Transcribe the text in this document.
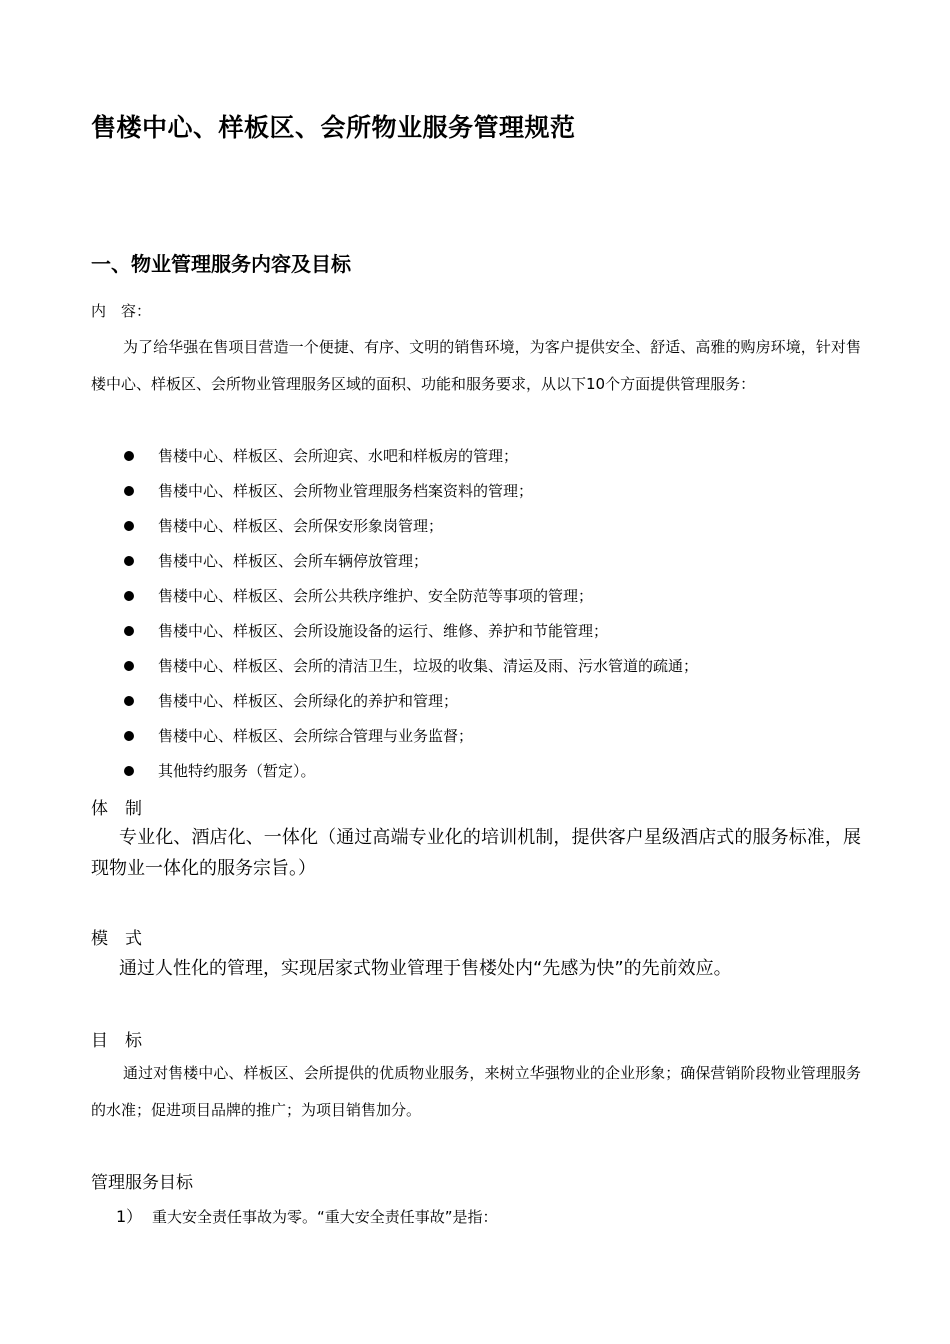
售楼中心、样板区、会所物业服务管理规范
一、物业管理服务内容及目标
内　容：
为了给华强在售项目营造一个便捷、有序、文明的销售环境，为客户提供安全、舒适、高雅的购房环境，针对售楼中心、样板区、会所物业管理服务区域的面积、功能和服务要求，从以下10个方面提供管理服务：
售楼中心、样板区、会所迎宾、水吧和样板房的管理；
售楼中心、样板区、会所物业管理服务档案资料的管理；
售楼中心、样板区、会所保安形象岗管理；
售楼中心、样板区、会所车辆停放管理；
售楼中心、样板区、会所公共秩序维护、安全防范等事项的管理；
售楼中心、样板区、会所设施设备的运行、维修、养护和节能管理；
售楼中心、样板区、会所的清洁卫生，垃圾的收集、清运及雨、污水管道的疏通；
售楼中心、样板区、会所绿化的养护和管理；
售楼中心、样板区、会所综合管理与业务监督；
其他特约服务（暂定）。
体　制
专业化、酒店化、一体化（通过高端专业化的培训机制，提供客户星级酒店式的服务标准，展现物业一体化的服务宗旨。）
模　式
通过人性化的管理，实现居家式物业管理于售楼处内“先感为快”的先前效应。
目　标
通过对售楼中心、样板区、会所提供的优质物业服务，来树立华强物业的企业形象；确保营销阶段物业管理服务的水准；促进项目品牌的推广；为项目销售加分。
管理服务目标
1） 重大安全责任事故为零。“重大安全责任事故”是指：
